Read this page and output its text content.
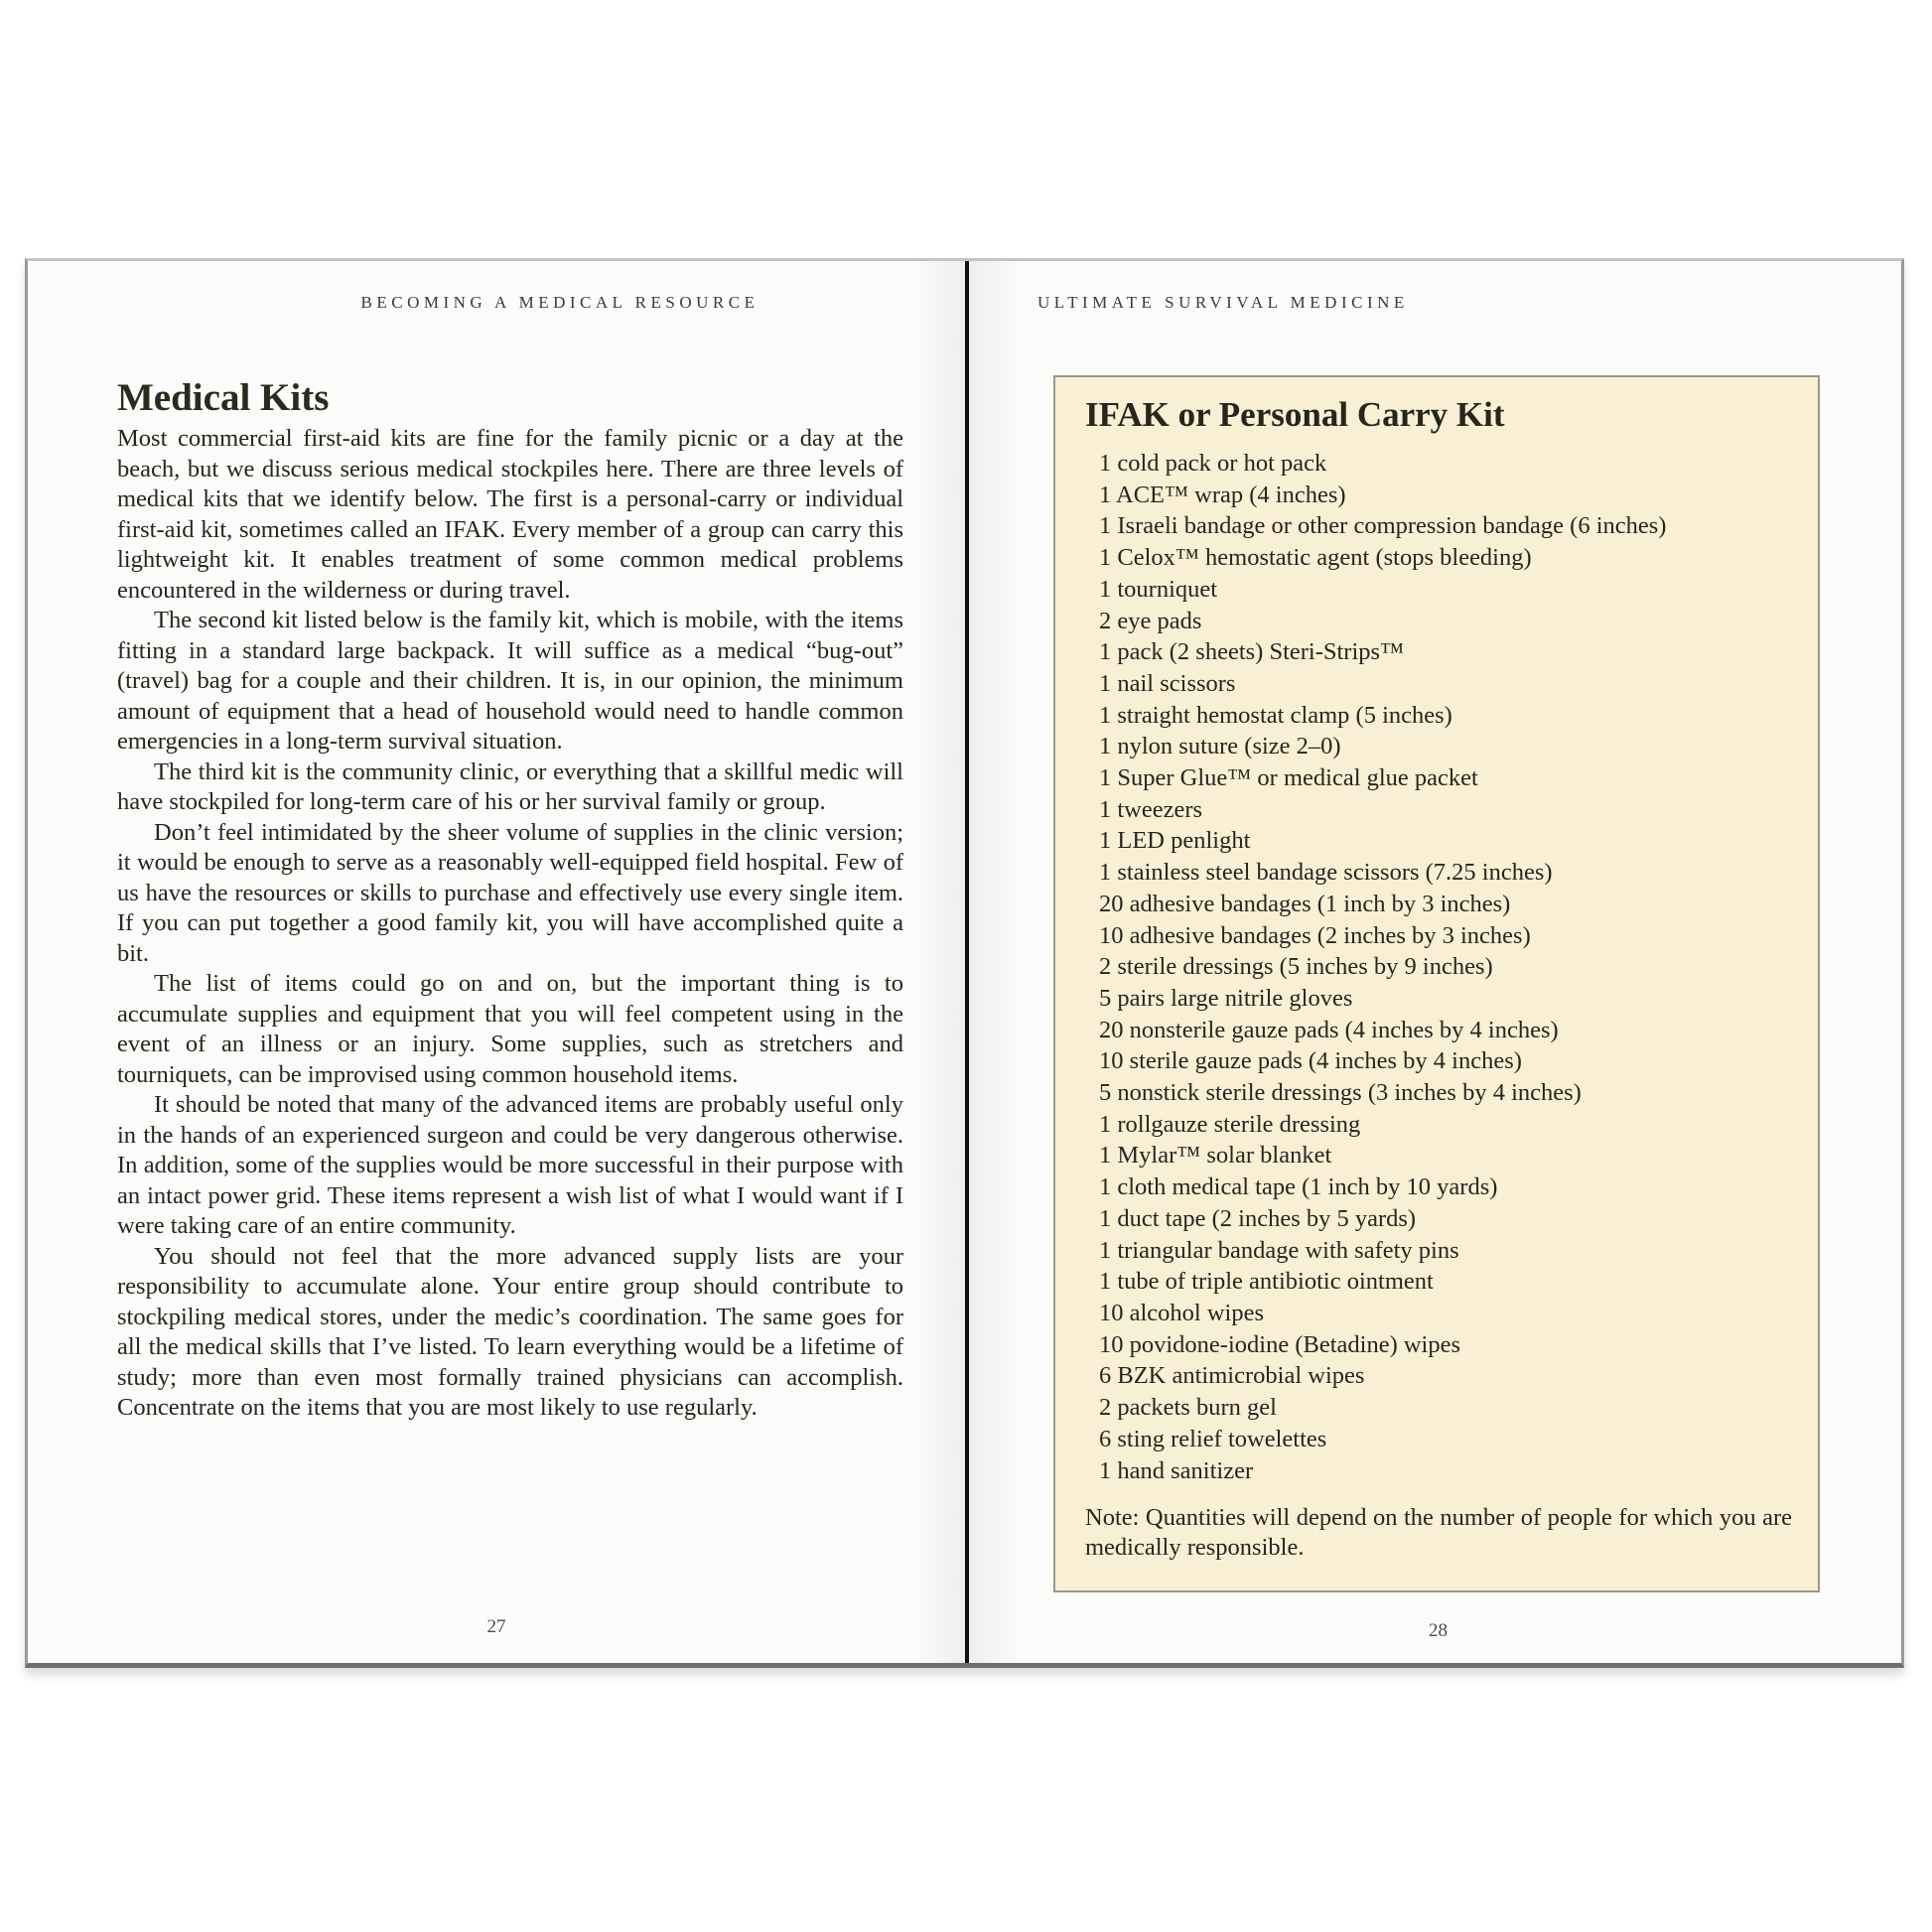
BECOMING A MEDICAL RESOURCE
Medical Kits

Most commercial first-aid kits are fine for the family picnic or a day at the beach, but we discuss serious medical stockpiles here. There are three levels of medical kits that we identify below. The first is a personal-carry or individual first-aid kit, sometimes called an IFAK. Every member of a group can carry this lightweight kit. It enables treatment of some common medical problems encountered in the wilderness or during travel.

The second kit listed below is the family kit, which is mobile, with the items fitting in a standard large backpack. It will suffice as a medical “bug-out” (travel) bag for a couple and their children. It is, in our opinion, the minimum amount of equipment that a head of household would need to handle common emergencies in a long-term survival situation.

The third kit is the community clinic, or everything that a skillful medic will have stockpiled for long-term care of his or her survival family or group.

Don’t feel intimidated by the sheer volume of supplies in the clinic version; it would be enough to serve as a reasonably well-equipped field hospital. Few of us have the resources or skills to purchase and effectively use every single item. If you can put together a good family kit, you will have accomplished quite a bit.

The list of items could go on and on, but the important thing is to accumulate supplies and equipment that you will feel competent using in the event of an illness or an injury. Some supplies, such as stretchers and tourniquets, can be improvised using common household items.

It should be noted that many of the advanced items are probably useful only in the hands of an experienced surgeon and could be very dangerous otherwise. In addition, some of the supplies would be more successful in their purpose with an intact power grid. These items represent a wish list of what I would want if I were taking care of an entire community.

You should not feel that the more advanced supply lists are your responsibility to accumulate alone. Your entire group should contribute to stockpiling medical stores, under the medic’s coordination. The same goes for all the medical skills that I’ve listed. To learn everything would be a lifetime of study; more than even most formally trained physicians can accomplish. Concentrate on the items that you are most likely to use regularly.

27
ULTIMATE SURVIVAL MEDICINE
IFAK or Personal Carry Kit
1 cold pack or hot pack
1 ACE™ wrap (4 inches)
1 Israeli bandage or other compression bandage (6 inches)
1 Celox™ hemostatic agent (stops bleeding)
1 tourniquet
2 eye pads
1 pack (2 sheets) Steri-Strips™
1 nail scissors
1 straight hemostat clamp (5 inches)
1 nylon suture (size 2–0)
1 Super Glue™ or medical glue packet
1 tweezers
1 LED penlight
1 stainless steel bandage scissors (7.25 inches)
20 adhesive bandages (1 inch by 3 inches)
10 adhesive bandages (2 inches by 3 inches)
2 sterile dressings (5 inches by 9 inches)
5 pairs large nitrile gloves
20 nonsterile gauze pads (4 inches by 4 inches)
10 sterile gauze pads (4 inches by 4 inches)
5 nonstick sterile dressings (3 inches by 4 inches)
1 rollgauze sterile dressing
1 Mylar™ solar blanket
1 cloth medical tape (1 inch by 10 yards)
1 duct tape (2 inches by 5 yards)
1 triangular bandage with safety pins
1 tube of triple antibiotic ointment
10 alcohol wipes
10 povidone-iodine (Betadine) wipes
6 BZK antimicrobial wipes
2 packets burn gel
6 sting relief towelettes
1 hand sanitizer
Note: Quantities will depend on the number of people for which you are medically responsible.
28
